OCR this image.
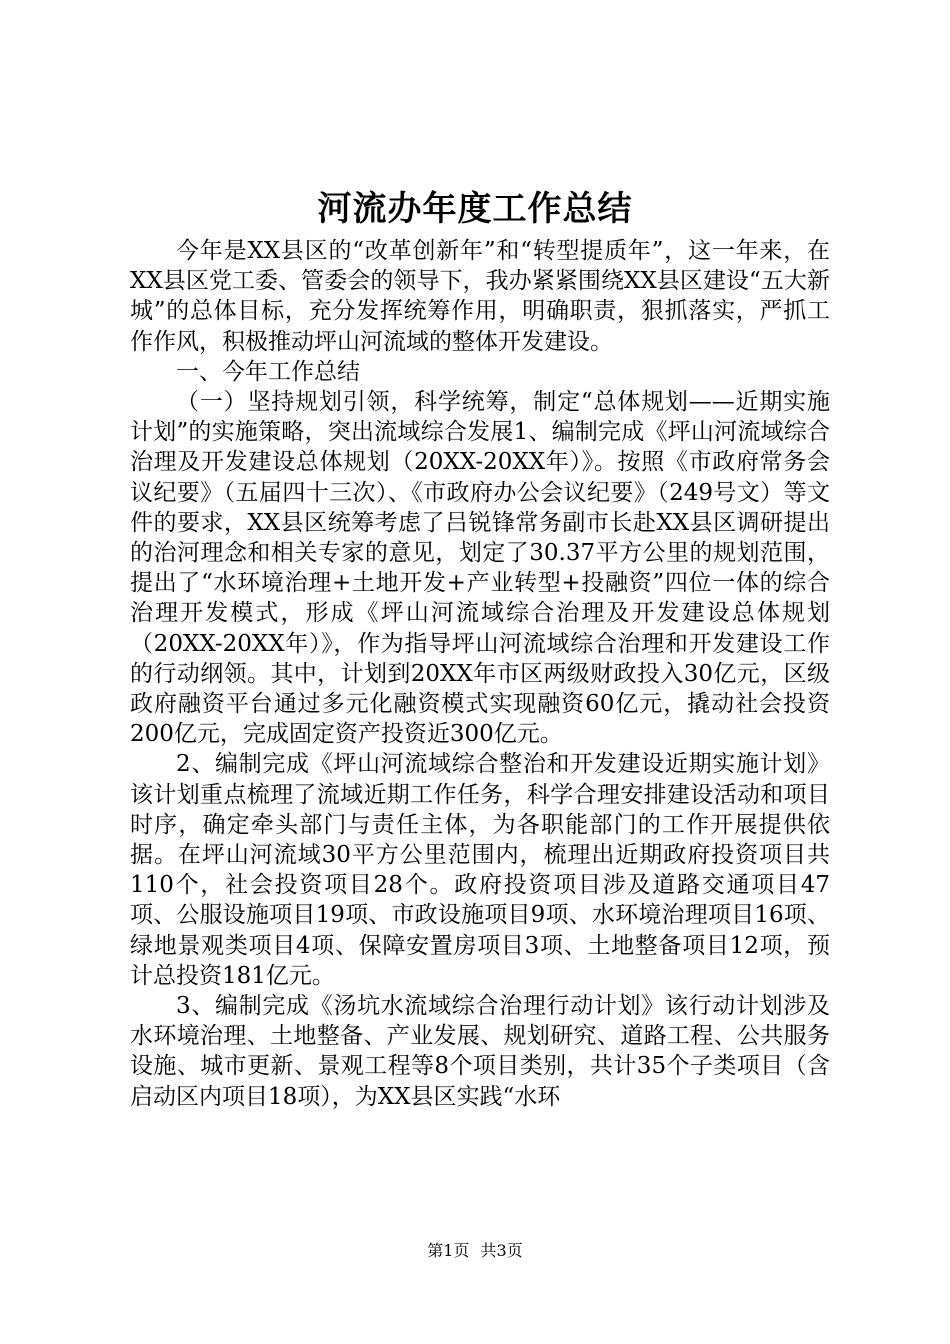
河流办年度工作总结

今年是XX县区的“改革创新年”和“转型提质年”，这一年来，在XX县区党工委、管委会的领导下，我办紧紧围绕XX县区建设“五大新城”的总体目标，充分发挥统筹作用，明确职责，狠抓落实，严抓工作作风，积极推动坪山河流域的整体开发建设。

一、今年工作总结

（一）坚持规划引领，科学统筹，制定“总体规划——近期实施计划”的实施策略，突出流域综合发展1、编制完成《坪山河流域综合治理及开发建设总体规划（20XX-20XX年）》。按照《市政府常务会议纪要》（五届四十三次）、《市政府办公会议纪要》（249号文）等文件的要求，XX县区统筹考虑了吕锐锋常务副市长赴XX县区调研提出的治河理念和相关专家的意见，划定了30.37平方公里的规划范围，提出了“水环境治理+土地开发+产业转型+投融资”四位一体的综合治理开发模式，形成《坪山河流域综合治理及开发建设总体规划（20XX-20XX年）》，作为指导坪山河流域综合治理和开发建设工作的行动纲领。其中，计划到20XX年市区两级财政投入30亿元，区级政府融资平台通过多元化融资模式实现融资60亿元，撬动社会投资200亿元，完成固定资产投资近300亿元。

2、编制完成《坪山河流域综合整治和开发建设近期实施计划》该计划重点梳理了流域近期工作任务，科学合理安排建设活动和项目时序，确定牵头部门与责任主体，为各职能部门的工作开展提供依据。在坪山河流域30平方公里范围内，梳理出近期政府投资项目共110个，社会投资项目28个。政府投资项目涉及道路交通项目47项、公服设施项目19项、市政设施项目9项、水环境治理项目16项、绿地景观类项目4项、保障安置房项目3项、土地整备项目12项，预计总投资181亿元。

3、编制完成《汤坑水流域综合治理行动计划》该行动计划涉及水环境治理、土地整备、产业发展、规划研究、道路工程、公共服务设施、城市更新、景观工程等8个项目类别，共计35个子类项目（含启动区内项目18项），为XX县区实践“水环

第1页 共3页
